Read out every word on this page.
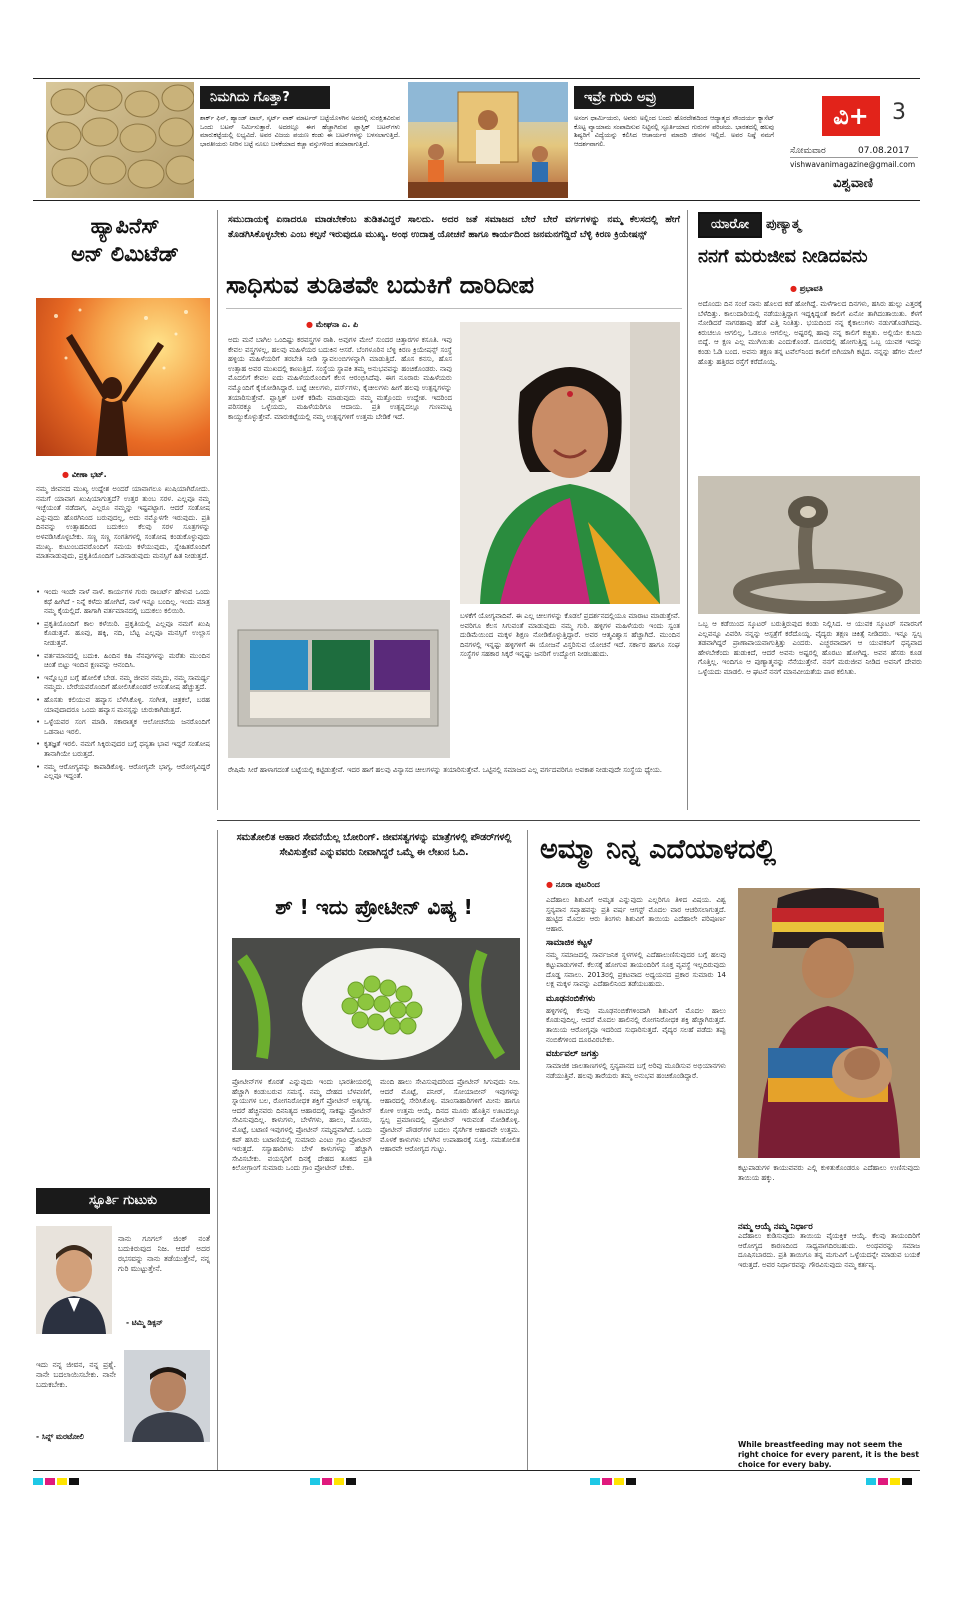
ನಿಮಗಿದು ಗೊತ್ತಾ?
ಶಾರ್ಕ್ ಫಿನ್, ಹ್ಯಾಂಡ್ ಟಾಲ್, ಸ್ಕರ್ಟ್ ವಾಕ್ ಮಾರ್ಟರ್ ಬಟ್ಟೆಯೊಳಗಿನ ಅದರಲ್ಲಿ ಸುರಕ್ಷಿತವಿರುವ ಒಂದು ಬಟನ್ ನಿರ್ಮಿಸುತ್ತಾರೆ. ಅದರಲ್ಲೂ ಈಗ ಹೆಚ್ಚಾಗಿರುವ ಪ್ಲಾಸ್ಟಿಕ್ ಬಟನ್‌ಗಳು ಮಾರುಕಟ್ಟೆಯಲ್ಲಿ ಲಭ್ಯವಿದೆ. ಅವರ ವಿಜಯ ಪಯಣ ಕಂಡು ಈ ಬಟನ್‌ಗಳನ್ನು ಬಳಸಲಾಗುತ್ತಿದೆ. ಭಾರತೀಯರು ನೀರಿನ ಬಟ್ಟೆ ನೂಲು ಬಳಕೆಯಾದ ಕಚ್ಚಾ ವಸ್ತುಗಳಿಂದ ತಯಾರಾಗುತ್ತಿದೆ.
ಇವ್ರೇ ಗುರು ಅವ್ರು
ಅಸಂಗ ಧಾರ್ಮಿಯರು, ಅವರು ಅಲ್ಲಿಂದ ಬಂದು ಹೊರದೇಶದಿಂದ ಆದ್ಯಾತ್ಮದ ಸೌಂದರ್ಯ ಕ್ಯಾಸೆಟ್ ಕೊಟ್ಟ ವ್ಯಾಯಾಮ ಸಂಪಾದಿಸುವ ನಿಟ್ಟಿನಲ್ಲಿ ಸ್ಫೂರ್ತಿಯಾದ ಗುರುಗಳ ಪರಿಚಯ. ಭಾರತದಲ್ಲಿ ಹಲವು ಶಿಷ್ಯರಿಗೆ ವಿದ್ಯೆಯನ್ನು ಕಲಿಸಿದ ಆಚಾರ್ಯರ ಮಾದರಿ ಜೀವನ ಇಲ್ಲಿದೆ. ಅವರ ನಿಷ್ಠೆ ನಮಗೆ ಆದರ್ಶವಾಗಲಿ.
ವಿ+	3
ಸೋಮವಾರ	07.08.2017
vishwavanimagazine@gmail.com
ವಿಶ್ವವಾಣಿ
ಹ್ಯಾಪಿನೆಸ್
ಅನ್ ಲಿಮಿಟೆಡ್
● ವೀಣಾ ಭಟ್.
ನಮ್ಮ ಜೀವನದ ಮುಖ್ಯ ಉದ್ದೇಶ ಅಂದರೆ ಯಾವಾಗಲೂ ಖುಷಿಯಾಗಿರೋದು. ನಮಗೆ ಯಾವಾಗ ಖುಷಿಯಾಗುತ್ತದೆ? ಉತ್ತರ ತುಂಬ ಸರಳ. ಎಲ್ಲವೂ ನಮ್ಮ ಇಚ್ಛೆಯಂತೆ ನಡೆದಾಗ, ಎಲ್ಲರೂ ನಮ್ಮನ್ನು ಇಷ್ಟಪಟ್ಟಾಗ. ಆದರೆ ಸಂತೋಷ ಎನ್ನುವುದು ಹೊರಗಿನಿಂದ ಬರುವುದಲ್ಲ, ಅದು ನಮ್ಮೊಳಗೇ ಇರುವುದು. ಪ್ರತಿ ದಿನವನ್ನು ಉತ್ಸಾಹದಿಂದ ಬದುಕಲು ಕೆಲವು ಸರಳ ಸೂತ್ರಗಳನ್ನು ಅಳವಡಿಸಿಕೊಳ್ಳಬೇಕು. ಸಣ್ಣ ಸಣ್ಣ ಸಂಗತಿಗಳಲ್ಲಿ ಸಂತೋಷ ಕಂಡುಕೊಳ್ಳುವುದು ಮುಖ್ಯ. ಕುಟುಂಬದವರೊಂದಿಗೆ ಸಮಯ ಕಳೆಯುವುದು, ಸ್ನೇಹಿತರೊಂದಿಗೆ ಮಾತನಾಡುವುದು, ಪ್ರಕೃತಿಯೊಂದಿಗೆ ಒಡನಾಡುವುದು ಮನಸ್ಸಿಗೆ ಹಿತ ನೀಡುತ್ತದೆ.
• ಇಂದು ಇಂದೇ ನಾಳೆ ನಾಳೆ. ಕಾರ್ಯಗಳ ಗುರು ರಾಬರ್ಟ್ ಹೇಳುವ ಒಂದು ಕಥೆ ಹೀಗಿದೆ - ನಿನ್ನೆ ಕಳೆದು ಹೋಗಿದೆ, ನಾಳೆ ಇನ್ನೂ ಬಂದಿಲ್ಲ. ಇಂದು ಮಾತ್ರ ನಮ್ಮ ಕೈಯಲ್ಲಿದೆ. ಹಾಗಾಗಿ ವರ್ತಮಾನದಲ್ಲಿ ಬದುಕಲು ಕಲಿಯಿರಿ.
• ಪ್ರಕೃತಿಯೊಂದಿಗೆ ಕಾಲ ಕಳೆಯಿರಿ. ಪ್ರಕೃತಿಯಲ್ಲಿ ಎಲ್ಲವೂ ನಮಗೆ ಖುಷಿ ಕೊಡುತ್ತವೆ. ಹೂವು, ಹಕ್ಕಿ, ನದಿ, ಬೆಟ್ಟ ಎಲ್ಲವೂ ಮನಸ್ಸಿಗೆ ಉಲ್ಲಾಸ ನೀಡುತ್ತವೆ.
• ವರ್ತಮಾನದಲ್ಲಿ ಬದುಕಿ. ಹಿಂದಿನ ಕಹಿ ನೆನಪುಗಳನ್ನು ಮರೆತು ಮುಂದಿನ ಚಿಂತೆ ಬಿಟ್ಟು ಇಂದಿನ ಕ್ಷಣವನ್ನು ಆನಂದಿಸಿ.
• ಇನ್ನೊಬ್ಬರ ಬಗ್ಗೆ ಹೋಲಿಕೆ ಬೇಡ. ನಮ್ಮ ಜೀವನ ನಮ್ಮದು, ನಮ್ಮ ಸಾಮರ್ಥ್ಯ ನಮ್ಮದು. ಬೇರೆಯವರೊಂದಿಗೆ ಹೋಲಿಸಿಕೊಂಡರೆ ಅಸಂತೋಷ ಹೆಚ್ಚುತ್ತದೆ.
• ಹೊಸತು ಕಲಿಯುವ ಹವ್ಯಾಸ ಬೆಳೆಸಿಕೊಳ್ಳಿ. ಸಂಗೀತ, ಚಿತ್ರಕಲೆ, ಬರಹ ಯಾವುದಾದರೂ ಒಂದು ಹವ್ಯಾಸ ಮನಸ್ಸನ್ನು ಚುರುಕಾಗಿಡುತ್ತದೆ.
• ಒಳ್ಳೆಯವರ ಸಂಗ ಮಾಡಿ. ಸಕಾರಾತ್ಮಕ ಆಲೋಚನೆಯ ಜನರೊಂದಿಗೆ ಒಡನಾಟ ಇರಲಿ.
• ಕೃತಜ್ಞತೆ ಇರಲಿ. ನಮಗೆ ಸಿಕ್ಕಿರುವುದರ ಬಗ್ಗೆ ಧನ್ಯತಾ ಭಾವ ಇದ್ದರೆ ಸಂತೋಷ ತಾನಾಗಿಯೇ ಬರುತ್ತದೆ.
• ನಮ್ಮ ಆರೋಗ್ಯವನ್ನು ಕಾಪಾಡಿಕೊಳ್ಳಿ. ಆರೋಗ್ಯವೇ ಭಾಗ್ಯ, ಆರೋಗ್ಯವಿದ್ದರೆ ಎಲ್ಲವೂ ಇದ್ದಂತೆ.
ಸ್ಫೂರ್ತಿ ಗುಟುಕು
ನಾನು ಗೂಗಲ್ ಜಿಂಕ್ ನಂತೆ ಬದುಕಿರುವುದ ನಿಜ. ಆದರೆ ಅದರ ರಭಸವನ್ನು ನಾನು ತಡೆಯುತ್ತೇನೆ, ನನ್ನ ಗುರಿ ಮುಟ್ಟುತ್ತೇನೆ.
- ಟಿಮ್ಮಿ ಡಿಕ್ಸನ್
ಇದು ನನ್ನ ಜೀವನ, ನನ್ನ ಪ್ರಶ್ನೆ. ನಾನೇ ಬದಲಾಯಿಸಬೇಕು. ನಾನೇ ಬದುಕಬೇಕು.
- ಸಿನ್ನ್ ಮರಟೋಲಿ
ಸಮುದಾಯಕ್ಕೆ ಏನಾದರೂ ಮಾಡಬೇಕೆಂಬ ತುಡಿತವಿದ್ದರೆ ಸಾಲದು. ಅದರ ಜತೆ ಸಮಾಜದ ಬೇರೆ ಬೇರೆ ವರ್ಗಗಳನ್ನು ನಮ್ಮ ಕೆಲಸದಲ್ಲಿ ಹೇಗೆ ತೊಡಗಿಸಿಕೊಳ್ಳಬೇಕು ಎಂಬ ಕಲ್ಪನೆ ಇರುವುದೂ ಮುಖ್ಯ. ಅಂಥ ಉದಾತ್ತ ಯೋಚನೆ ಹಾಗೂ ಕಾರ್ಯದಿಂದ ಜನಮನಗೆದ್ದಿದೆ ಬೆಳ್ಳಿ ಕಿರಣ ಕ್ರಿಯೇಷನ್ಸ್
ಸಾಧಿಸುವ ತುಡಿತವೇ ಬದುಕಿಗೆ ದಾರಿದೀಪ
● ಮೇಘನಾ ಎ. ಪಿ
ಅದು ಮನೆ ಬಾಗಿಲ ಒಂದಿಷ್ಟು ಕರವಸ್ತ್ರಗಳ ರಾಶಿ. ಅವುಗಳ ಮೇಲೆ ಸುಂದರ ಚಿತ್ತಾರಗಳ ಕಸೂತಿ. ಇವು ಕೇವಲ ವಸ್ತ್ರಗಳಲ್ಲ, ಹಲವು ಮಹಿಳೆಯರ ಬದುಕಿನ ಆಸರೆ. ಬೆಂಗಳೂರಿನ ಬೆಳ್ಳಿ ಕಿರಣ ಕ್ರಿಯೇಷನ್ಸ್ ಸಂಸ್ಥೆ ಹಳ್ಳಿಯ ಮಹಿಳೆಯರಿಗೆ ತರಬೇತಿ ನೀಡಿ ಸ್ವಾವಲಂಬಿಗಳನ್ನಾಗಿ ಮಾಡುತ್ತಿದೆ. ಹೊಸ ಕನಸು, ಹೊಸ ಉತ್ಸಾಹ ಅವರ ಮುಖದಲ್ಲಿ ಕಾಣುತ್ತಿದೆ. ಸಂಸ್ಥೆಯ ಸ್ಥಾಪಕಿ ತಮ್ಮ ಅನುಭವವನ್ನು ಹಂಚಿಕೊಂಡರು. ನಾವು ಮೊದಲಿಗೆ ಕೇವಲ ಐದು ಮಹಿಳೆಯರೊಂದಿಗೆ ಕೆಲಸ ಆರಂಭಿಸಿದೆವು. ಈಗ ನೂರಾರು ಮಹಿಳೆಯರು ನಮ್ಮೊಂದಿಗೆ ಕೈಜೋಡಿಸಿದ್ದಾರೆ. ಬಟ್ಟೆ ಚೀಲಗಳು, ಪರ್ಸ್‌ಗಳು, ಕೈಚೀಲಗಳು ಹೀಗೆ ಹಲವು ಉತ್ಪನ್ನಗಳನ್ನು ತಯಾರಿಸುತ್ತೇವೆ. ಪ್ಲಾಸ್ಟಿಕ್ ಬಳಕೆ ಕಡಿಮೆ ಮಾಡುವುದು ನಮ್ಮ ಮತ್ತೊಂದು ಉದ್ದೇಶ. ಇದರಿಂದ ಪರಿಸರಕ್ಕೂ ಒಳ್ಳೆಯದು, ಮಹಿಳೆಯರಿಗೂ ಆದಾಯ. ಪ್ರತಿ ಉತ್ಪನ್ನದಲ್ಲೂ ಗುಣಮಟ್ಟ ಕಾಯ್ದುಕೊಳ್ಳುತ್ತೇವೆ. ಮಾರುಕಟ್ಟೆಯಲ್ಲಿ ನಮ್ಮ ಉತ್ಪನ್ನಗಳಿಗೆ ಉತ್ತಮ ಬೇಡಿಕೆ ಇದೆ.
ಬಳಕೆಗೆ ಯೋಗ್ಯವಾದಿವೆ. ಈ ಎಲ್ಲ ಚೀಲಗಳನ್ನು ಕೊಡಲೆ ಪ್ರದರ್ಶನದಲ್ಲಿಯೂ ಮಾರಾಟ ಮಾಡುತ್ತೇವೆ. ಅವರಿಗೂ ಕೆಲಸ ಸಿಗುವಂತೆ ಮಾಡುವುದು ನಮ್ಮ ಗುರಿ. ಹಳ್ಳಿಗಳ ಮಹಿಳೆಯರು ಇಂದು ಸ್ವಂತ ದುಡಿಮೆಯಿಂದ ಮಕ್ಕಳ ಶಿಕ್ಷಣ ನೋಡಿಕೊಳ್ಳುತ್ತಿದ್ದಾರೆ. ಅವರ ಆತ್ಮವಿಶ್ವಾಸ ಹೆಚ್ಚಾಗಿದೆ. ಮುಂದಿನ ದಿನಗಳಲ್ಲಿ ಇನ್ನಷ್ಟು ಹಳ್ಳಿಗಳಿಗೆ ಈ ಯೋಜನೆ ವಿಸ್ತರಿಸುವ ಯೋಚನೆ ಇದೆ. ಸರ್ಕಾರ ಹಾಗೂ ಸಂಘ ಸಂಸ್ಥೆಗಳ ಸಹಕಾರ ಸಿಕ್ಕರೆ ಇನ್ನಷ್ಟು ಜನರಿಗೆ ಉದ್ಯೋಗ ನೀಡಬಹುದು.
ರೇಷಿಮೆ ಸೀರೆ ಹಾಳಾಗದಂತೆ ಬಟ್ಟೆಯಲ್ಲಿ ಕಟ್ಟಿಡುತ್ತೇವೆ. ಇದರ ಹಾಗೆ ಹಲವು ವಿನ್ಯಾಸದ ಚೀಲಗಳನ್ನು ತಯಾರಿಸುತ್ತೇವೆ. ಒಟ್ಟಿನಲ್ಲಿ ಸಮಾಜದ ಎಲ್ಲ ವರ್ಗದವರಿಗೂ ಅವಕಾಶ ನೀಡುವುದೇ ಸಂಸ್ಥೆಯ ಧ್ಯೇಯ.
ಯಾರೋ	ಪುಣ್ಯಾತ್ಮ
ನನಗೆ ಮರುಜೀವ ನೀಡಿದವನು
● ಪ್ರಭಾವತಿ
ಅದೊಂದು ದಿನ ಸಂಜೆ ನಾನು ಹೊಲದ ಕಡೆ ಹೋಗಿದ್ದೆ. ಮಳೆಗಾಲದ ದಿನಗಳು, ಹಸಿರು ಹುಲ್ಲು ಎತ್ತರಕ್ಕೆ ಬೆಳೆದಿತ್ತು. ಕಾಲುದಾರಿಯಲ್ಲಿ ನಡೆಯುತ್ತಿದ್ದಾಗ ಇದ್ದಕ್ಕಿದ್ದಂತೆ ಕಾಲಿಗೆ ಏನೋ ತಾಗಿದಂತಾಯಿತು. ಕೆಳಗೆ ನೋಡಿದರೆ ನಾಗರಹಾವು ಹೆಡೆ ಎತ್ತಿ ನಿಂತಿತ್ತು. ಭಯದಿಂದ ನನ್ನ ಕೈಕಾಲುಗಳು ನಡುಗತೊಡಗಿದವು. ಕಿರುಚಲೂ ಆಗಲಿಲ್ಲ, ಓಡಲೂ ಆಗಲಿಲ್ಲ. ಅಷ್ಟರಲ್ಲಿ ಹಾವು ನನ್ನ ಕಾಲಿಗೆ ಕಚ್ಚಿತು. ಅಲ್ಲಿಯೇ ಕುಸಿದು ಬಿದ್ದೆ. ಆ ಕ್ಷಣ ಎಲ್ಲ ಮುಗಿಯಿತು ಎಂದುಕೊಂಡೆ. ದೂರದಲ್ಲಿ ಹೋಗುತ್ತಿದ್ದ ಒಬ್ಬ ಯುವಕ ಇದನ್ನು ಕಂಡು ಓಡಿ ಬಂದ. ಅವನು ತಕ್ಷಣ ತನ್ನ ಟವೆಲ್‌ನಿಂದ ಕಾಲಿಗೆ ಬಿಗಿಯಾಗಿ ಕಟ್ಟಿದ. ನನ್ನನ್ನು ಹೆಗಲ ಮೇಲೆ ಹೊತ್ತು ಹತ್ತಿರದ ರಸ್ತೆಗೆ ಕರೆದೊಯ್ದ.
ಒಬ್ಬ ಆ ಕಡೆಯಿಂದ ಸ್ಕೂಟರ್ ಬರುತ್ತಿರುವುದ ಕಂಡು ನಿಲ್ಲಿಸಿದ. ಆ ಯುವಕ ಸ್ಕೂಟರ್ ಸವಾರನಿಗೆ ಎಲ್ಲವನ್ನೂ ವಿವರಿಸಿ ನನ್ನನ್ನು ಆಸ್ಪತ್ರೆಗೆ ಕರೆದೊಯ್ದ. ವೈದ್ಯರು ತಕ್ಷಣ ಚಿಕಿತ್ಸೆ ನೀಡಿದರು. ಇನ್ನೂ ಸ್ವಲ್ಪ ತಡವಾಗಿದ್ದರೆ ಪ್ರಾಣಾಪಾಯವಾಗುತ್ತಿತ್ತು ಎಂದರು. ಎಚ್ಚರವಾದಾಗ ಆ ಯುವಕನಿಗೆ ಧನ್ಯವಾದ ಹೇಳಬೇಕೆಂದು ಹುಡುಕಿದೆ, ಆದರೆ ಅವನು ಅಷ್ಟರಲ್ಲಿ ಹೊರಟು ಹೋಗಿದ್ದ. ಅವನ ಹೆಸರು ಕೂಡ ಗೊತ್ತಿಲ್ಲ. ಇಂದಿಗೂ ಆ ಪುಣ್ಯಾತ್ಮನನ್ನು ನೆನೆಯುತ್ತೇನೆ. ನನಗೆ ಮರುಜೀವ ನೀಡಿದ ಅವನಿಗೆ ದೇವರು ಒಳ್ಳೆಯದು ಮಾಡಲಿ. ಆ ಘಟನೆ ನನಗೆ ಮಾನವೀಯತೆಯ ಪಾಠ ಕಲಿಸಿತು.
ಸಮತೋಲಿತ ಆಹಾರ ಸೇವನೆಯೆಲ್ಲ ಬೋರಿಂಗ್. ಜೀವಸತ್ವಗಳನ್ನು ಮಾತ್ರೆಗಳಲ್ಲಿ ಪೌಡರ್‌ಗಳಲ್ಲಿ ಸೇವಿಸುತ್ತೇವೆ ಎನ್ನುವವರು ನೀವಾಗಿದ್ದರೆ ಒಮ್ಮೆ ಈ ಲೇಖನ ಓದಿ.
ಶ್ ! ಇದು ಪ್ರೋಟೀನ್ ವಿಷ್ಯ !
ಪ್ರೋಟೀನ್‌ಗಳ ಕೊರತೆ ಎನ್ನುವುದು ಇಂದು ಭಾರತೀಯರಲ್ಲಿ ಹೆಚ್ಚಾಗಿ ಕಂಡುಬರುವ ಸಮಸ್ಯೆ. ನಮ್ಮ ದೇಹದ ಬೆಳವಣಿಗೆ, ಸ್ನಾಯುಗಳ ಬಲ, ರೋಗನಿರೋಧಕ ಶಕ್ತಿಗೆ ಪ್ರೋಟೀನ್ ಅತ್ಯಗತ್ಯ. ಆದರೆ ಹೆಚ್ಚಿನವರು ದಿನನಿತ್ಯದ ಆಹಾರದಲ್ಲಿ ಸಾಕಷ್ಟು ಪ್ರೋಟೀನ್ ಸೇವಿಸುವುದಿಲ್ಲ. ಕಾಳುಗಳು, ಬೇಳೆಗಳು, ಹಾಲು, ಮೊಸರು, ಮೊಟ್ಟೆ, ಬಟಾಣಿ ಇವುಗಳಲ್ಲಿ ಪ್ರೋಟೀನ್ ಸಮೃದ್ಧವಾಗಿದೆ. ಒಂದು ಕಪ್ ಹಸಿರು ಬಟಾಣಿಯಲ್ಲಿ ಸುಮಾರು ಎಂಟು ಗ್ರಾಂ ಪ್ರೋಟೀನ್ ಇರುತ್ತದೆ. ಸಸ್ಯಾಹಾರಿಗಳು ಬೇಳೆ ಕಾಳುಗಳನ್ನು ಹೆಚ್ಚಾಗಿ ಸೇವಿಸಬೇಕು. ವಯಸ್ಕರಿಗೆ ದಿನಕ್ಕೆ ದೇಹದ ತೂಕದ ಪ್ರತಿ ಕಿಲೋಗ್ರಾಂಗೆ ಸುಮಾರು ಒಂದು ಗ್ರಾಂ ಪ್ರೋಟೀನ್ ಬೇಕು.
ಮಂದಿ ಹಾಲು ಸೇವಿಸುವುದರಿಂದ ಪ್ರೋಟೀನ್ ಸಿಗುವುದು ನಿಜ. ಆದರೆ ಮೊಟ್ಟೆ, ಪನೀರ್, ಸೋಯಾಬೀನ್ ಇವುಗಳನ್ನು ಆಹಾರದಲ್ಲಿ ಸೇರಿಸಿಕೊಳ್ಳಿ. ಮಾಂಸಾಹಾರಿಗಳಿಗೆ ಮೀನು ಹಾಗೂ ಕೋಳಿ ಉತ್ತಮ ಆಯ್ಕೆ. ದಿನದ ಮೂರು ಹೊತ್ತಿನ ಊಟದಲ್ಲೂ ಸ್ವಲ್ಪ ಪ್ರಮಾಣದಲ್ಲಿ ಪ್ರೋಟೀನ್ ಇರುವಂತೆ ನೋಡಿಕೊಳ್ಳಿ. ಪ್ರೋಟೀನ್ ಪೌಡರ್‌ಗಳ ಬದಲು ನೈಸರ್ಗಿಕ ಆಹಾರವೇ ಉತ್ತಮ. ಮೊಳಕೆ ಕಾಳುಗಳು ಬೆಳಗಿನ ಉಪಾಹಾರಕ್ಕೆ ಸೂಕ್ತ. ಸಮತೋಲಿತ ಆಹಾರವೇ ಆರೋಗ್ಯದ ಗುಟ್ಟು.
ಅಮ್ಮಾ ನಿನ್ನ ಎದೆಯಾಳದಲ್ಲಿ
● ನೂರಾ ಪುಟರಿಂದ
ಎದೆಹಾಲು ಶಿಶುವಿಗೆ ಅಮೃತ ಎನ್ನುವುದು ಎಲ್ಲರಿಗೂ ತಿಳಿದ ವಿಷಯ. ವಿಶ್ವ ಸ್ತನ್ಯಪಾನ ಸಪ್ತಾಹವನ್ನು ಪ್ರತಿ ವರ್ಷ ಆಗಸ್ಟ್ ಮೊದಲ ವಾರ ಆಚರಿಸಲಾಗುತ್ತದೆ. ಹುಟ್ಟಿದ ಮೊದಲ ಆರು ತಿಂಗಳು ಶಿಶುವಿಗೆ ತಾಯಿಯ ಎದೆಹಾಲೇ ಪರಿಪೂರ್ಣ ಆಹಾರ.
ಸಾಮಾಜಿಕ ಕಟ್ಟಳೆ
ನಮ್ಮ ಸಮಾಜದಲ್ಲಿ ಸಾರ್ವಜನಿಕ ಸ್ಥಳಗಳಲ್ಲಿ ಎದೆಹಾಲುಣಿಸುವುದರ ಬಗ್ಗೆ ಹಲವು ಕಟ್ಟುಪಾಡುಗಳಿವೆ. ಕೆಲಸಕ್ಕೆ ಹೋಗುವ ತಾಯಂದಿರಿಗೆ ಸೂಕ್ತ ವ್ಯವಸ್ಥೆ ಇಲ್ಲದಿರುವುದು ದೊಡ್ಡ ಸವಾಲು. 2013ರಲ್ಲಿ ಪ್ರಕಟವಾದ ಅಧ್ಯಯನದ ಪ್ರಕಾರ ಸುಮಾರು 14 ಲಕ್ಷ ಮಕ್ಕಳ ಸಾವನ್ನು ಎದೆಹಾಲಿನಿಂದ ತಡೆಯಬಹುದು.
ಮೂಢನಂಬಿಕೆಗಳು
ಹಳ್ಳಿಗಳಲ್ಲಿ ಕೆಲವು ಮೂಢನಂಬಿಕೆಗಳಿಂದಾಗಿ ಶಿಶುವಿಗೆ ಮೊದಲ ಹಾಲು ಕೊಡುವುದಿಲ್ಲ. ಆದರೆ ಮೊದಲ ಹಾಲಿನಲ್ಲಿ ರೋಗನಿರೋಧಕ ಶಕ್ತಿ ಹೆಚ್ಚಾಗಿರುತ್ತದೆ. ತಾಯಿಯ ಆರೋಗ್ಯವೂ ಇದರಿಂದ ಸುಧಾರಿಸುತ್ತದೆ. ವೈದ್ಯರ ಸಲಹೆ ಪಡೆದು ತಪ್ಪು ನಂಬಿಕೆಗಳಿಂದ ದೂರವಿರಬೇಕು.
ವರ್ಚುವಲ್ ಜಗತ್ತು
ಸಾಮಾಜಿಕ ಜಾಲತಾಣಗಳಲ್ಲಿ ಸ್ತನ್ಯಪಾನದ ಬಗ್ಗೆ ಅರಿವು ಮೂಡಿಸುವ ಅಭಿಯಾನಗಳು ನಡೆಯುತ್ತಿವೆ. ಹಲವು ತಾರೆಯರು ತಮ್ಮ ಅನುಭವ ಹಂಚಿಕೊಂಡಿದ್ದಾರೆ.
ಕಟ್ಟುಪಾಡುಗಳ ಕಾಯುವವರು ಎಲ್ಲಿ ಕುಳಿತುಕೊಂಡರೂ ಎದೆಹಾಲು ಉಣಿಸುವುದು ತಾಯಿಯ ಹಕ್ಕು.
ನಮ್ಮ ಆಯ್ಕೆ ನಮ್ಮ ನಿರ್ಧಾರ
ಎದೆಹಾಲು ಕುಡಿಸುವುದು ತಾಯಿಯ ವೈಯಕ್ತಿಕ ಆಯ್ಕೆ. ಕೆಲವು ತಾಯಂದಿರಿಗೆ ಆರೋಗ್ಯದ ಕಾರಣದಿಂದ ಸಾಧ್ಯವಾಗದಿರಬಹುದು. ಅಂಥವರನ್ನು ಸಮಾಜ ದೂಷಿಸಬಾರದು. ಪ್ರತಿ ತಾಯಿಗೂ ತನ್ನ ಮಗುವಿಗೆ ಒಳ್ಳೆಯದನ್ನೇ ಮಾಡುವ ಬಯಕೆ ಇರುತ್ತದೆ. ಅವರ ನಿರ್ಧಾರವನ್ನು ಗೌರವಿಸುವುದು ನಮ್ಮ ಕರ್ತವ್ಯ.
While breastfeeding may not seem the right choice for every parent, it is the best choice for every baby.
